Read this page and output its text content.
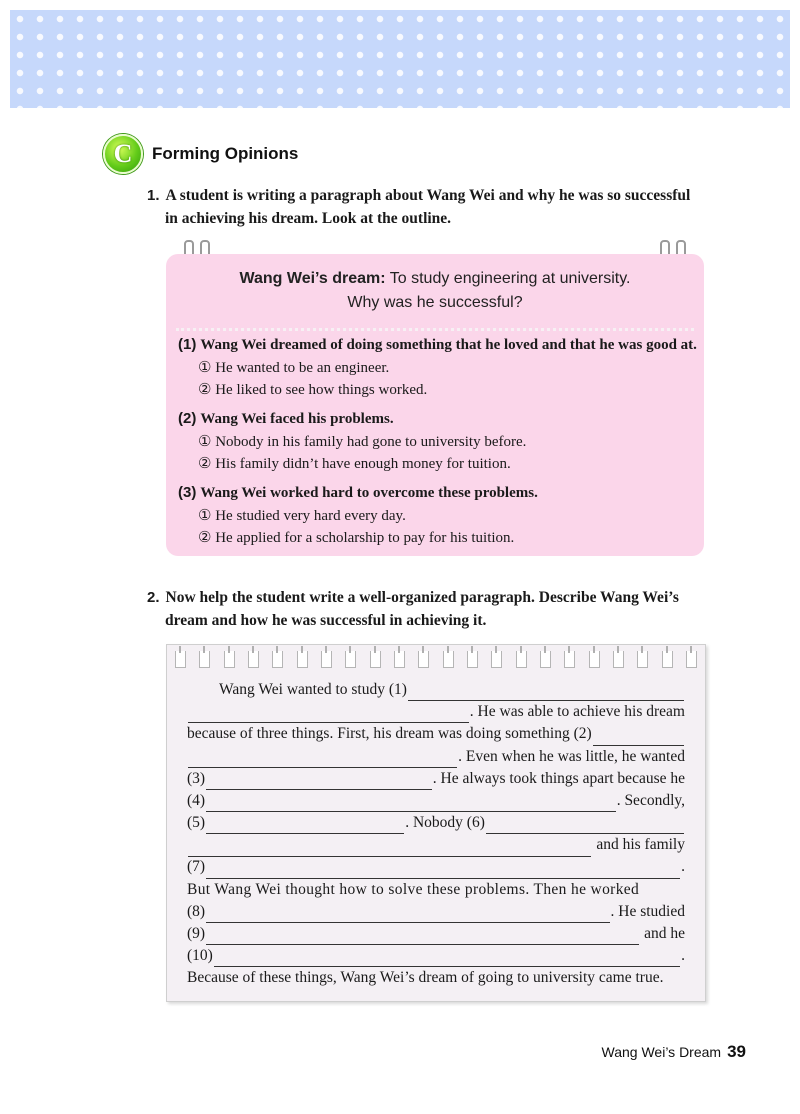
C	Forming Opinions
1. A student is writing a paragraph about Wang Wei and why he was so successful
in achieving his dream. Look at the outline.
Wang Wei’s dream: To study engineering at university.
Why was he successful?
(1) Wang Wei dreamed of doing something that he loved and that he was good at.
① He wanted to be an engineer.
② He liked to see how things worked.
(2) Wang Wei faced his problems.
① Nobody in his family had gone to university before.
② His family didn’t have enough money for tuition.
(3) Wang Wei worked hard to overcome these problems.
① He studied very hard every day.
② He applied for a scholarship to pay for his tuition.
2. Now help the student write a well-organized paragraph. Describe Wang Wei’s
dream and how he was successful in achieving it.
Wang Wei wanted to study (1)
. He was able to achieve his dream
because of three things. First, his dream was doing something (2)
. Even when he was little, he wanted
(3)	. He always took things apart because he
(4)	. Secondly,
(5)	. Nobody (6)
and his family
(7)	.
But Wang Wei thought how to solve these problems. Then he worked
(8)	. He studied
(9)	and he
(10)	.
Because of these things, Wang Wei’s dream of going to university came true.
Wang Wei’s Dream 39
